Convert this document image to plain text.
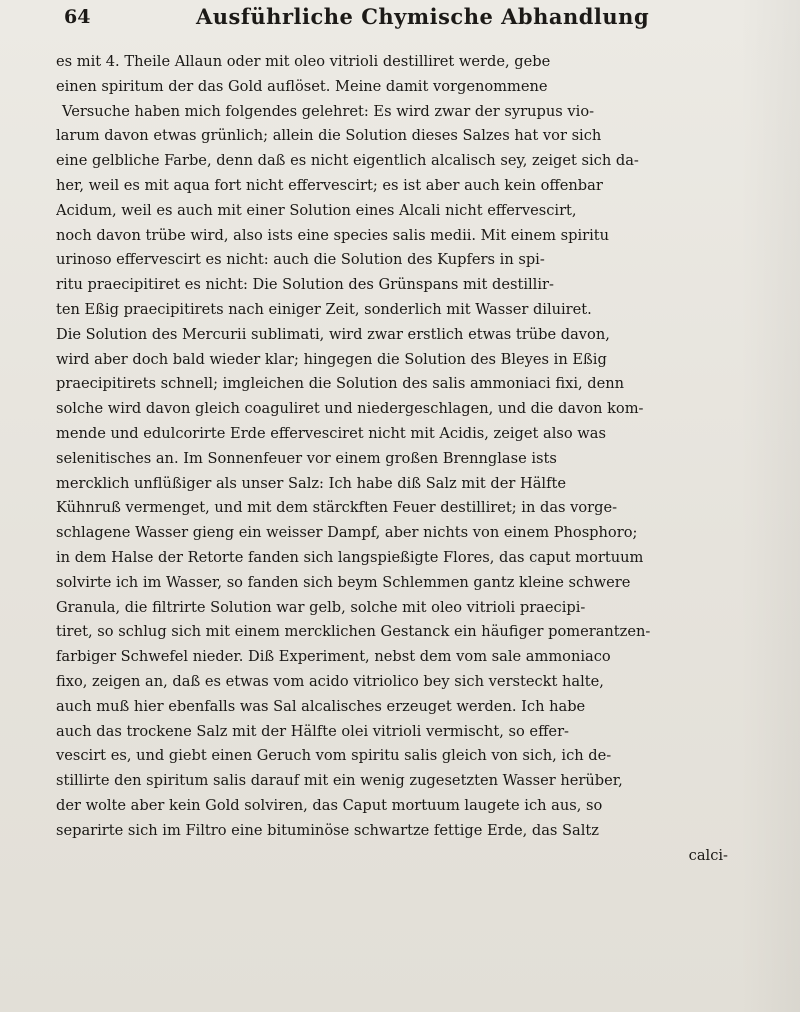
64	Ausführliche Chymische Abhandlung
es mit 4. Theile Allaun oder mit oleo vitrioli destilliret werde, gebe
einen spiritum der das Gold auflöset. Meine damit vorgenommene
Versuche haben mich folgendes gelehret: Es wird zwar der syrupus vio-
larum davon etwas grünlich; allein die Solution dieses Salzes hat vor sich
eine gelbliche Farbe, denn daß es nicht eigentlich alcalisch sey, zeiget sich da-
her, weil es mit aqua fort nicht effervescirt; es ist aber auch kein offenbar
Acidum, weil es auch mit einer Solution eines Alcali nicht effervescirt,
noch davon trübe wird, also ists eine species salis medii. Mit einem spiritu
urinoso effervescirt es nicht: auch die Solution des Kupfers in spi-
ritu praecipitiret es nicht: Die Solution des Grünspans mit destillir-
ten Eßig praecipitirets nach einiger Zeit, sonderlich mit Wasser diluiret.
Die Solution des Mercurii sublimati, wird zwar erstlich etwas trübe davon,
wird aber doch bald wieder klar; hingegen die Solution des Bleyes in Eßig
praecipitirets schnell; imgleichen die Solution des salis ammoniaci fixi, denn
solche wird davon gleich coaguliret und niedergeschlagen, und die davon kom-
mende und edulcorirte Erde effervesciret nicht mit Acidis, zeiget also was
selenitisches an. Im Sonnenfeuer vor einem großen Brennglase ists
mercklich unflüßiger als unser Salz: Ich habe diß Salz mit der Hälfte
Kühnruß vermenget, und mit dem stärckften Feuer destilliret; in das vorge-
schlagene Wasser gieng ein weisser Dampf, aber nichts von einem Phosphoro;
in dem Halse der Retorte fanden sich langspießigte Flores, das caput mortuum
solvirte ich im Wasser, so fanden sich beym Schlemmen gantz kleine schwere
Granula, die filtrirte Solution war gelb, solche mit oleo vitrioli praecipi-
tiret, so schlug sich mit einem mercklichen Gestanck ein häufiger pomerantzen-
farbiger Schwefel nieder. Diß Experiment, nebst dem vom sale ammoniaco
fixo, zeigen an, daß es etwas vom acido vitriolico bey sich versteckt halte,
auch muß hier ebenfalls was Sal alcalisches erzeuget werden. Ich habe
auch das trockene Salz mit der Hälfte olei vitrioli vermischt, so effer-
vescirt es, und giebt einen Geruch vom spiritu salis gleich von sich, ich de-
stillirte den spiritum salis darauf mit ein wenig zugesetzten Wasser herüber,
der wolte aber kein Gold solviren, das Caput mortuum laugete ich aus, so
separirte sich im Filtro eine bituminöse schwartze fettige Erde, das Saltz
calci-
